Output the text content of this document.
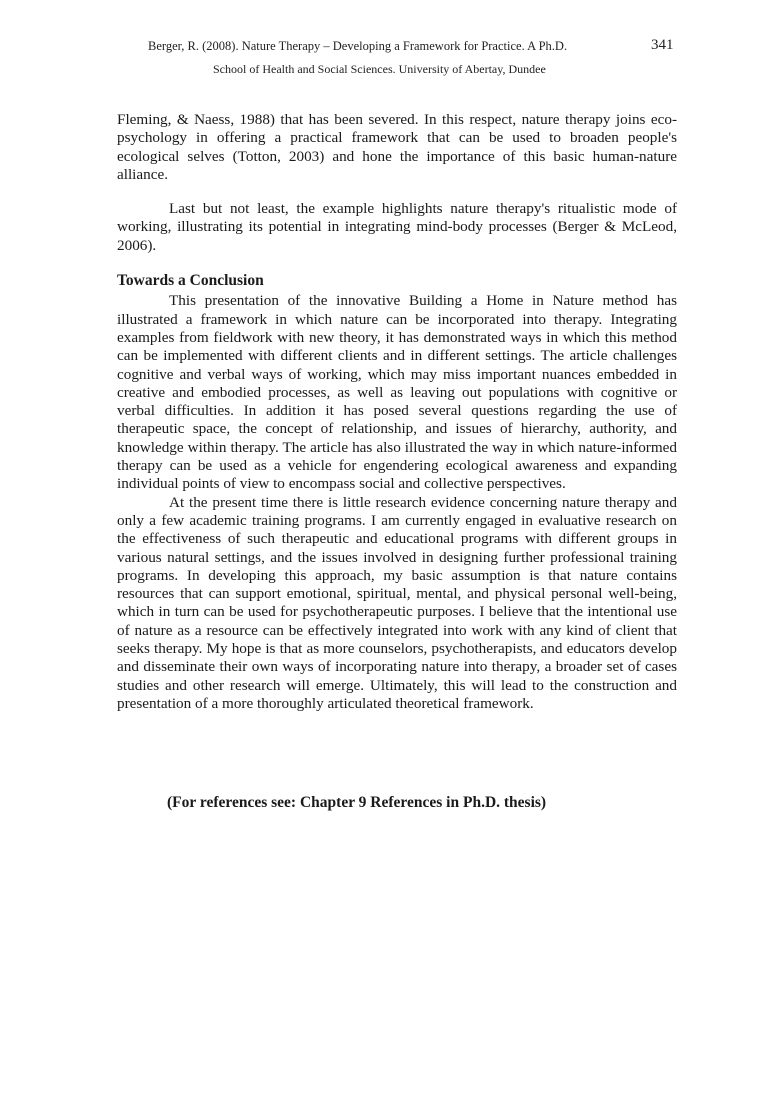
Berger, R. (2008). Nature Therapy – Developing a Framework for Practice. A Ph.D.	341
School of Health and Social Sciences. University of Abertay, Dundee

Fleming, & Naess, 1988) that has been severed. In this respect, nature therapy joins eco-psychology in offering a practical framework that can be used to broaden people's ecological selves (Totton, 2003) and hone the importance of this basic human-nature alliance.

Last but not least, the example highlights nature therapy's ritualistic mode of working, illustrating its potential in integrating mind-body processes (Berger & McLeod, 2006).

Towards a Conclusion

This presentation of the innovative Building a Home in Nature method has illustrated a framework in which nature can be incorporated into therapy. Integrating examples from fieldwork with new theory, it has demonstrated ways in which this method can be implemented with different clients and in different settings. The article challenges cognitive and verbal ways of working, which may miss important nuances embedded in creative and embodied processes, as well as leaving out populations with cognitive or verbal difficulties. In addition it has posed several questions regarding the use of therapeutic space, the concept of relationship, and issues of hierarchy, authority, and knowledge within therapy. The article has also illustrated the way in which nature-informed therapy can be used as a vehicle for engendering ecological awareness and expanding individual points of view to encompass social and collective perspectives.

At the present time there is little research evidence concerning nature therapy and only a few academic training programs. I am currently engaged in evaluative research on the effectiveness of such therapeutic and educational programs with different groups in various natural settings, and the issues involved in designing further professional training programs. In developing this approach, my basic assumption is that nature contains resources that can support emotional, spiritual, mental, and physical personal well-being, which in turn can be used for psychotherapeutic purposes. I believe that the intentional use of nature as a resource can be effectively integrated into work with any kind of client that seeks therapy. My hope is that as more counselors, psychotherapists, and educators develop and disseminate their own ways of incorporating nature into therapy, a broader set of cases studies and other research will emerge. Ultimately, this will lead to the construction and presentation of a more thoroughly articulated theoretical framework.

(For references see: Chapter 9 References in Ph.D. thesis)
